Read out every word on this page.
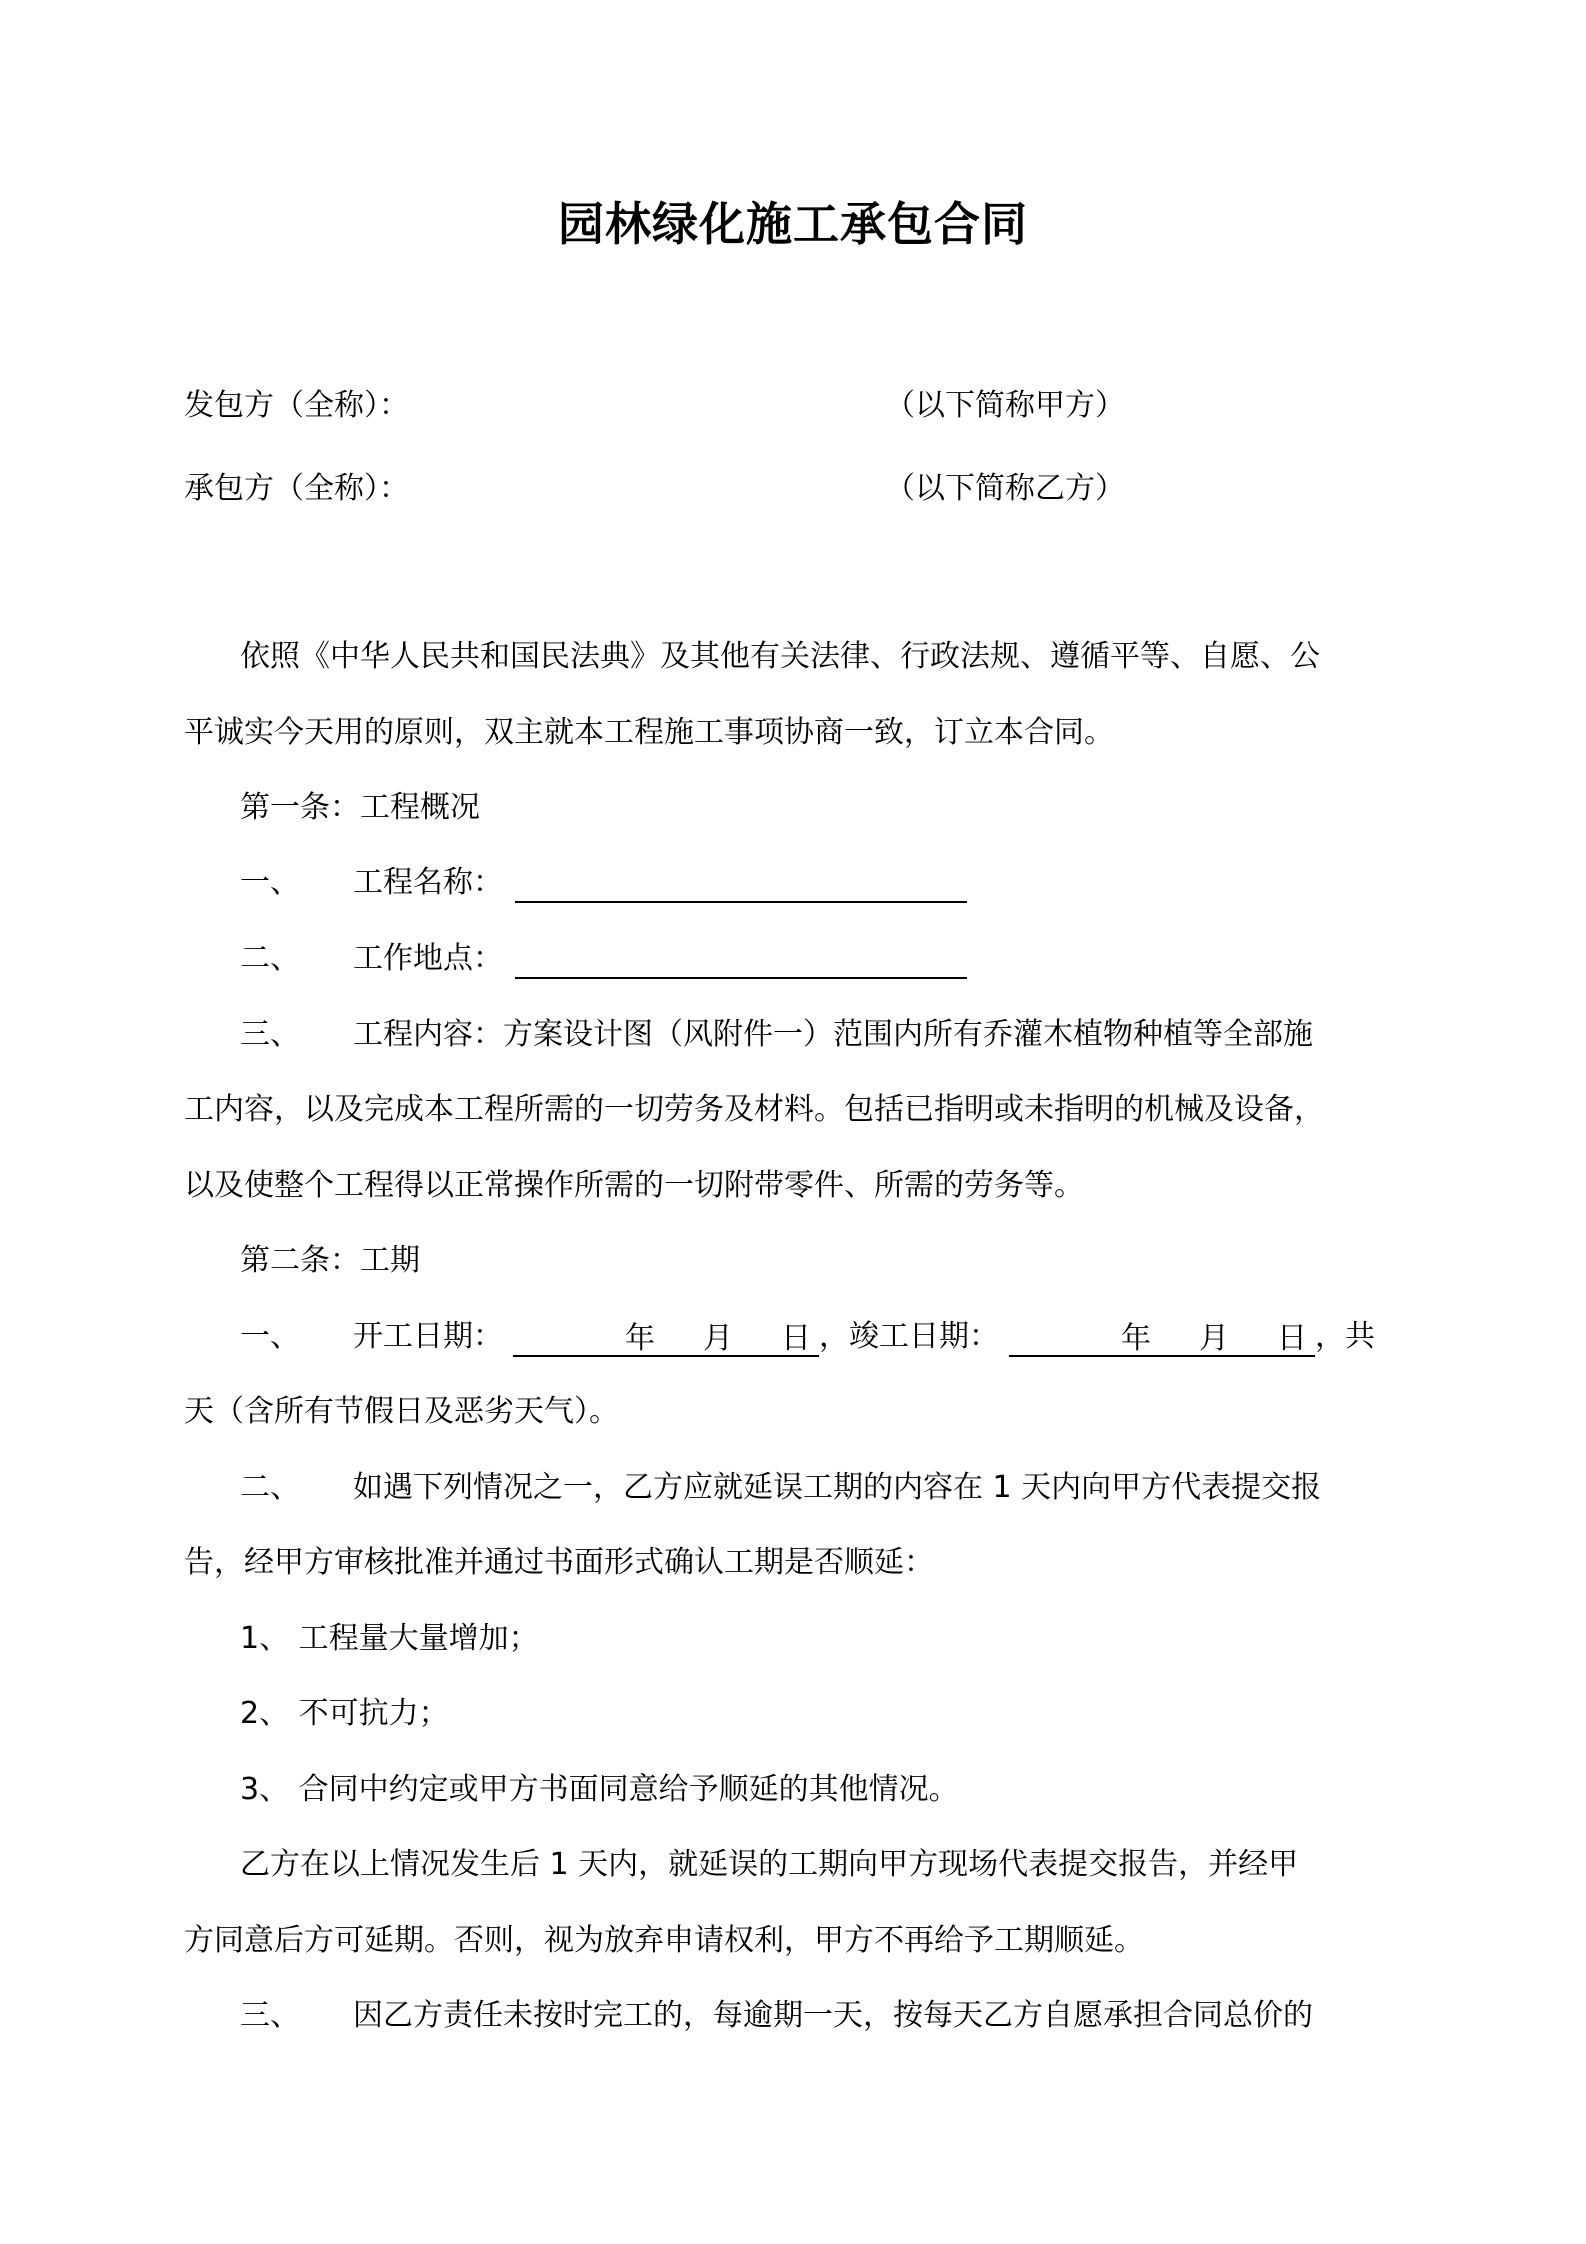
园林绿化施工承包合同
发包方（全称）：	（以下简称甲方）
承包方（全称）：	（以下简称乙方）
依照《中华人民共和国民法典》及其他有关法律、行政法规、遵循平等、自愿、公
平诚实今天用的原则，双主就本工程施工事项协商一致，订立本合同。
第一条：工程概况
一、 工程名称：
二、 工作地点：
三、 工程内容：方案设计图（风附件一）范围内所有乔灌木植物种植等全部施
工内容，以及完成本工程所需的一切劳务及材料。包括已指明或未指明的机械及设备，
以及使整个工程得以正常操作所需的一切附带零件、所需的劳务等。
第二条：工期
一、 开工日期：	年 月 日 ，竣工日期：	年 月 日 ，共
天（含所有节假日及恶劣天气）。
二、 如遇下列情况之一，乙方应就延误工期的内容在 1 天内向甲方代表提交报
告，经甲方审核批准并通过书面形式确认工期是否顺延：
1、 工程量大量增加；
2、 不可抗力；
3、 合同中约定或甲方书面同意给予顺延的其他情况。
乙方在以上情况发生后 1 天内，就延误的工期向甲方现场代表提交报告，并经甲
方同意后方可延期。否则，视为放弃申请权利，甲方不再给予工期顺延。
三、 因乙方责任未按时完工的，每逾期一天，按每天乙方自愿承担合同总价的
